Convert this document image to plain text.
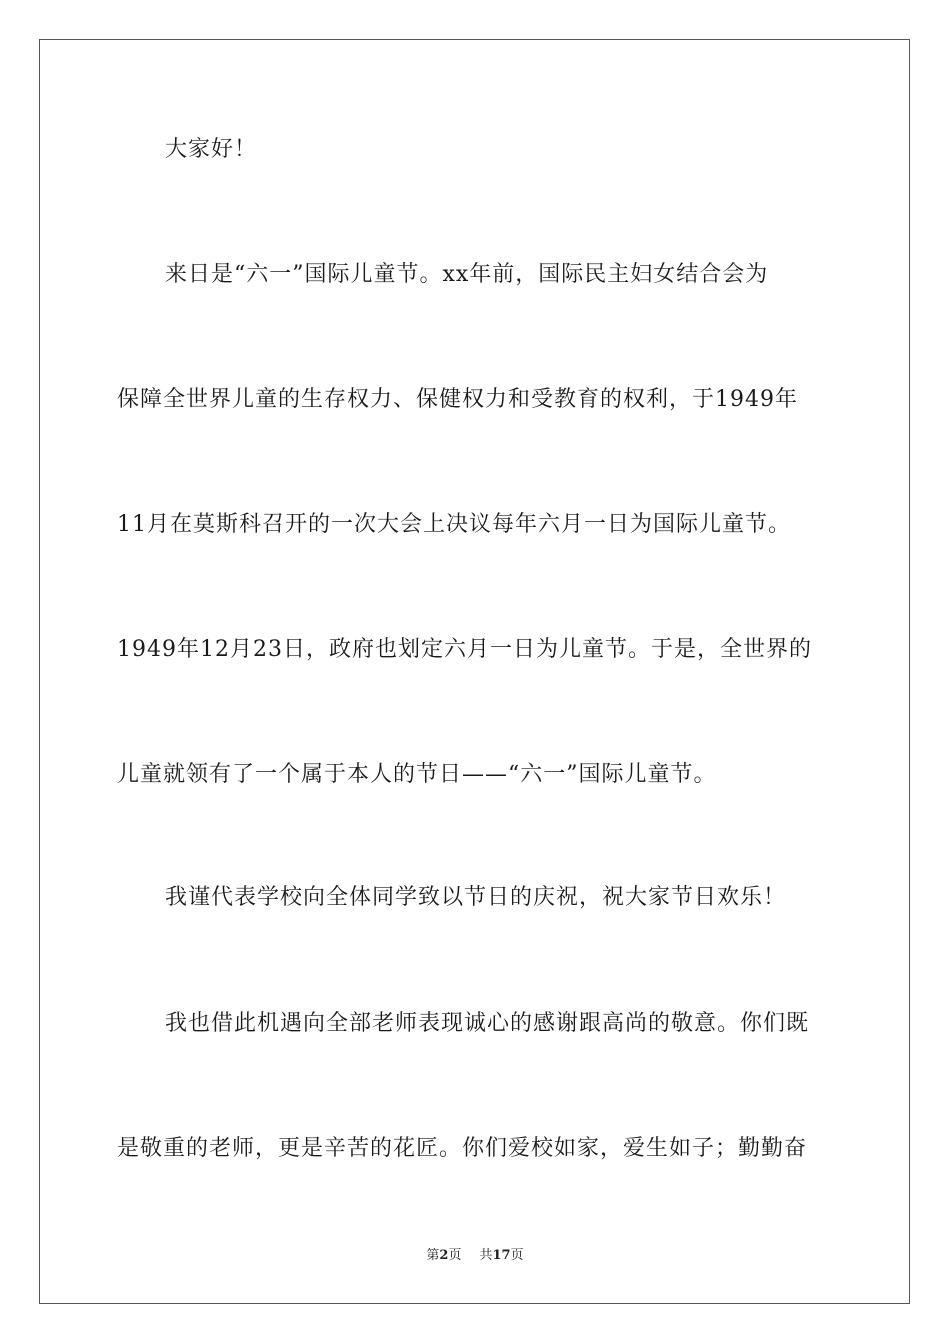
大家好！
来日是“六一”国际儿童节。xx年前，国际民主妇女结合会为
保障全世界儿童的生存权力、保健权力和受教育的权利，于1949年
11月在莫斯科召开的一次大会上决议每年六月一日为国际儿童节。
1949年12月23日，政府也划定六月一日为儿童节。于是，全世界的
儿童就领有了一个属于本人的节日——“六一”国际儿童节。
我谨代表学校向全体同学致以节日的庆祝，祝大家节日欢乐！
我也借此机遇向全部老师表现诚心的感谢跟高尚的敬意。你们既
是敬重的老师，更是辛苦的花匠。你们爱校如家，爱生如子；勤勤奋
第2页 共17页
